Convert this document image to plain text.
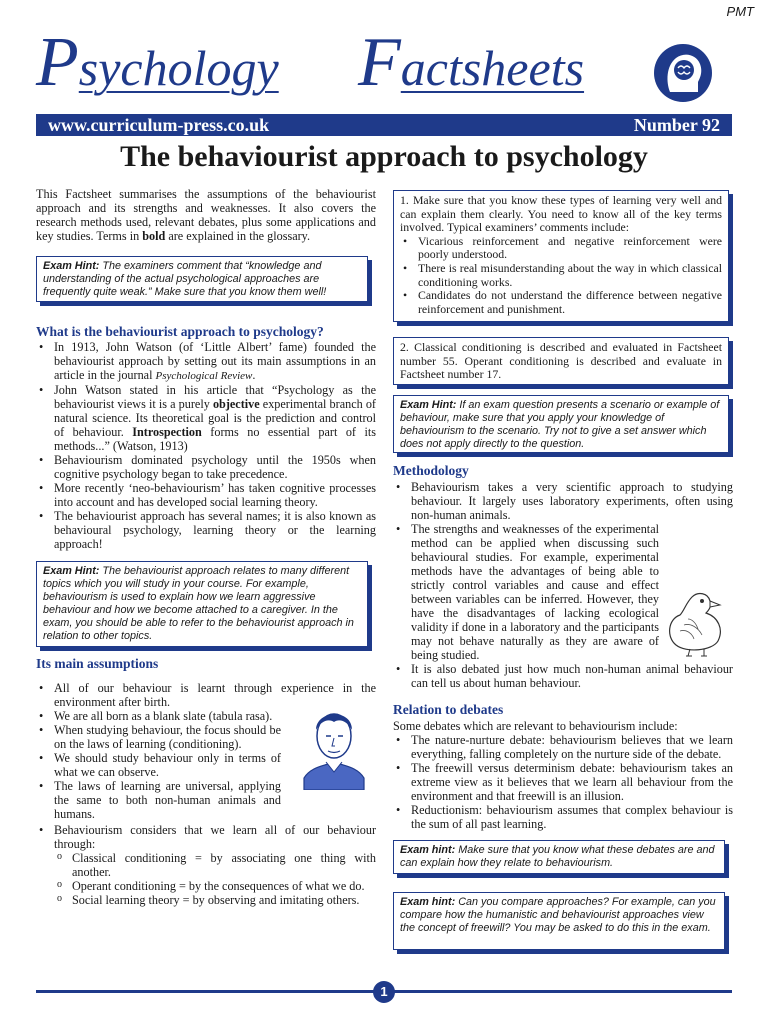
PMT
Psychology Factsheets
www.curriculum-press.co.uk	Number 92
The behaviourist approach to psychology

This Factsheet summarises the assumptions of the behaviourist approach and its strengths and weaknesses. It also covers the research methods used, relevant debates, plus some applications and key studies. Terms in bold are explained in the glossary.

Exam Hint: The examiners comment that “knowledge and understanding of the actual psychological approaches are frequently quite weak.” Make sure that you know them well!
What is the behaviourist approach to psychology?
• In 1913, John Watson (of ‘Little Albert’ fame) founded the behaviourist approach by setting out its main assumptions in an article in the journal Psychological Review.
• John Watson stated in his article that “Psychology as the behaviourist views it is a purely objective experimental branch of natural science. Its theoretical goal is the prediction and control of behaviour. Introspection forms no essential part of its methods...” (Watson, 1913)
• Behaviourism dominated psychology until the 1950s when cognitive psychology began to take precedence.
• More recently ‘neo-behaviourism’ has taken cognitive processes into account and has developed social learning theory.
• The behaviourist approach has several names; it is also known as behavioural psychology, learning theory or the learning approach!
Exam Hint: The behaviourist approach relates to many different topics which you will study in your course. For example, behaviourism is used to explain how we learn aggressive behaviour and how we become attached to a caregiver. In the exam, you should be able to refer to the behaviourist approach in relation to other topics.
Its main assumptions
• All of our behaviour is learnt through experience in the environment after birth.
• We are all born as a blank slate (tabula rasa).
• When studying behaviour, the focus should be on the laws of learning (conditioning).
• We should study behaviour only in terms of what we can observe.
• The laws of learning are universal, applying the same to both non-human animals and humans.
• Behaviourism considers that we learn all of our behaviour through:
o Classical conditioning = by associating one thing with another.
o Operant conditioning = by the consequences of what we do.
o Social learning theory = by observing and imitating others.
1. Make sure that you know these types of learning very well and can explain them clearly. You need to know all of the key terms involved. Typical examiners’ comments include:
• Vicarious reinforcement and negative reinforcement were poorly understood.
• There is real misunderstanding about the way in which classical conditioning works.
• Candidates do not understand the difference between negative reinforcement and punishment.
2. Classical conditioning is described and evaluated in Factsheet number 55. Operant conditioning is described and evaluate in Factsheet number 17.
Exam Hint: If an exam question presents a scenario or example of behaviour, make sure that you apply your knowledge of behaviourism to the scenario. Try not to give a set answer which does not apply directly to the question.
Methodology
• Behaviourism takes a very scientific approach to studying behaviour. It largely uses laboratory experiments, often using non-human animals.
• The strengths and weaknesses of the experimental method can be applied when discussing such behavioural studies. For example, experimental methods have the advantages of being able to strictly control variables and cause and effect between variables can be inferred. However, they have the disadvantages of lacking ecological validity if done in a laboratory and the participants may not behave naturally as they are aware of being studied.
• It is also debated just how much non-human animal behaviour can tell us about human behaviour.
Relation to debates

Some debates which are relevant to behaviourism include:

• The nature-nurture debate: behaviourism believes that we learn everything, falling completely on the nurture side of the debate.
• The freewill versus determinism debate: behaviourism takes an extreme view as it believes that we learn all behaviour from the environment and that freewill is an illusion.
• Reductionism: behaviourism assumes that complex behaviour is the sum of all past learning.
Exam hint: Make sure that you know what these debates are and can explain how they relate to behaviourism.
Exam hint: Can you compare approaches? For example, can you compare how the humanistic and behaviourist approaches view the concept of freewill? You may be asked to do this in the exam.
1
